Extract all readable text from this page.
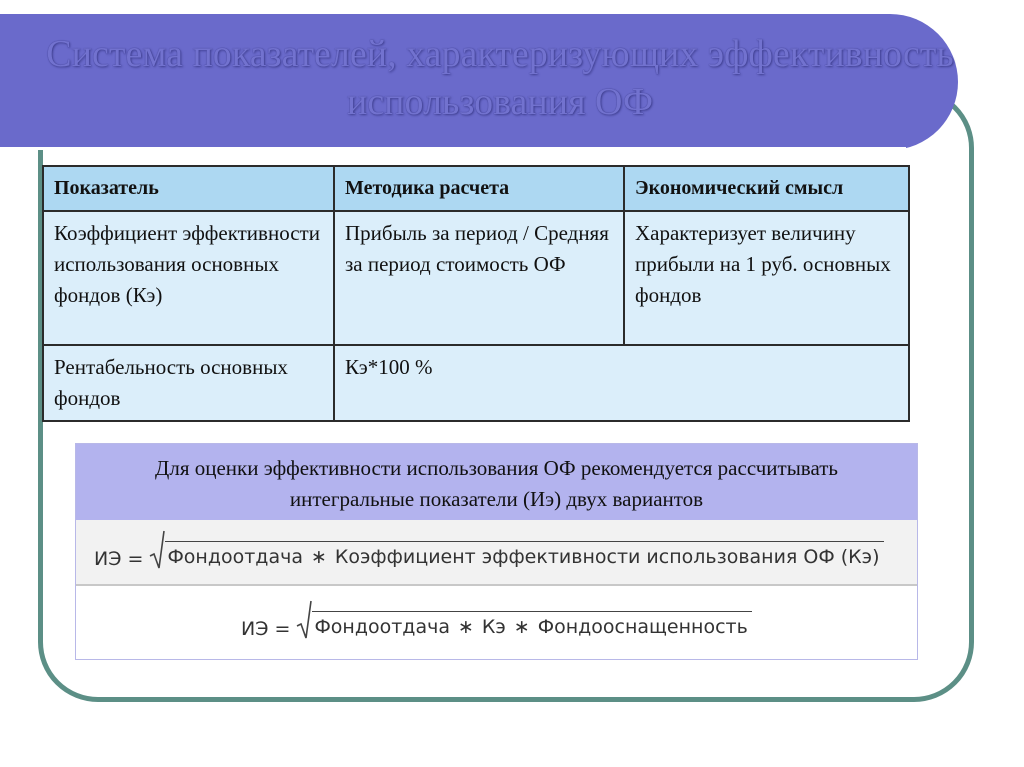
Система показателей, характеризующих эффективность использования ОФ
Показатель	Методика расчета	Экономический смысл
Коэффициент эффективности использования основных фондов (Кэ)	Прибыль за период / Средняя за период стоимость ОФ	Характеризует величину прибыли на 1 руб. основных фондов
Рентабельность основных фондов	Кэ*100 %	
Для оценки эффективности использования ОФ рекомендуется рассчитывать интегральные показатели (Иэ) двух вариантов
ИЭ = Фондоотдача ∗ Коэффициент эффективности использования ОФ (Кэ)
ИЭ = Фондоотдача ∗ Кэ ∗ Фондооснащенность
